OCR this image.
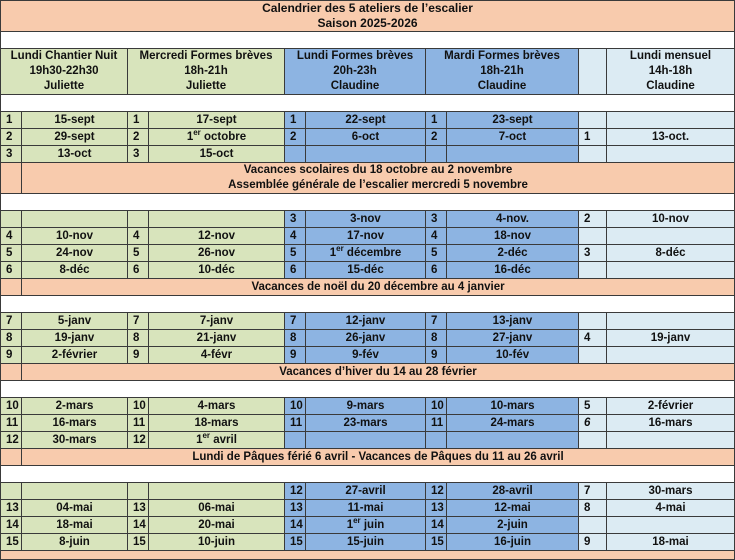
Calendrier des 5 ateliers de l’escalier
Saison 2025-2026									

Lundi Chantier Nuit
19h30-22h30
Juliette		Mercredi Formes brèves
18h-21h
Juliette		Lundi Formes brèves
20h-23h
Claudine		Mardi Formes brèves
18h-21h
Claudine			Lundi mensuel
14h-18h
Claudine

1	15-sept	1	17-sept	1	22-sept	1	23-sept		
2	29-sept	2	1er octobre	2	6-oct	2	7-oct	1	13-oct.
3	13-oct	3	15-oct						

	Vacances scolaires du 18 octobre au 2 novembre
Assemblée générale de l’escalier mercredi 5 novembre								

				3	3-nov	3	4-nov.	2	10-nov
4	10-nov	4	12-nov	4	17-nov	4	18-nov		
5	24-nov	5	26-nov	5	1er décembre	5	2-déc	3	8-déc
6	8-déc	6	10-déc	6	15-déc	6	16-déc		

	Vacances de noël du 20 décembre au 4 janvier								

7	5-janv	7	7-janv	7	12-janv	7	13-janv		
8	19-janv	8	21-janv	8	26-janv	8	27-janv	4	19-janv
9	2-février	9	4-févr	9	9-fév	9	10-fév		

	Vacances d’hiver du 14 au 28 février								

10	2-mars	10	4-mars	10	9-mars	10	10-mars	5	2-février
11	16-mars	11	18-mars	11	23-mars	11	24-mars	6	16-mars
12	30-mars	12	1er avril						

	Lundi de Pâques férié 6 avril - Vacances de Pâques du 11 au 26 avril								

				12	27-avril	12	28-avril	7	30-mars
13	04-mai	13	06-mai	13	11-mai	13	12-mai	8	4-mai
14	18-mai	14	20-mai	14	1er juin	14	2-juin		
15	8-juin	15	10-juin	15	15-juin	15	16-juin	9	18-mai
